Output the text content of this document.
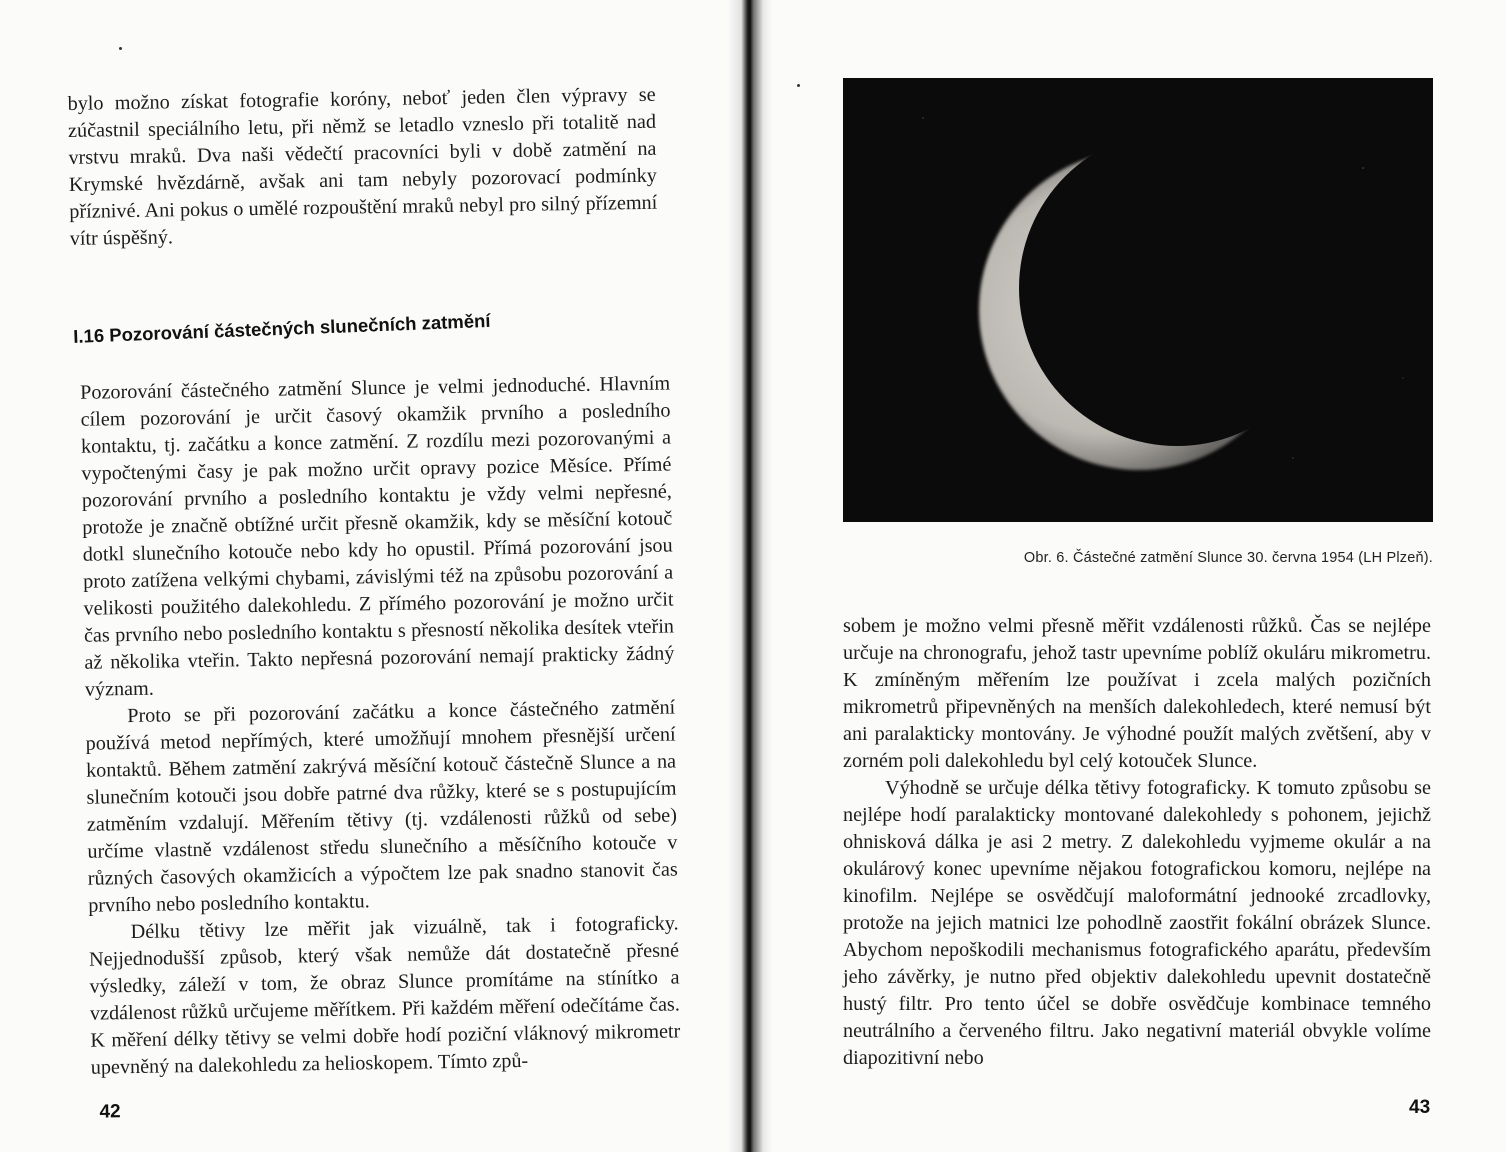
bylo možno získat fotografie koróny, neboť jeden člen výpravy se zúčastnil speciálního letu, při němž se letadlo vzneslo při totalitě nad vrstvu mraků. Dva naši vědečtí pracovníci byli v době zatmění na Krymské hvězdárně, avšak ani tam nebyly pozorovací podmínky příznivé. Ani pokus o umělé rozpouštění mraků nebyl pro silný přízemní vítr úspěšný.

I.16 Pozorování částečných slunečních zatmění

Pozorování částečného zatmění Slunce je velmi jednoduché. Hlavním cílem pozorování je určit časový okamžik prvního a posledního kontaktu, tj. začátku a konce zatmění. Z rozdílu mezi pozorovanými a vypočtenými časy je pak možno určit opravy pozice Měsíce. Přímé pozorování prvního a posledního kontaktu je vždy velmi nepřesné, protože je značně obtížné určit přesně okamžik, kdy se měsíční kotouč dotkl slunečního kotouče nebo kdy ho opustil. Přímá pozorování jsou proto zatížena velkými chybami, závislými též na způsobu pozorování a velikosti použitého dalekohledu. Z přímého pozorování je možno určit čas prvního nebo posledního kontaktu s přesností několika desítek vteřin až několika vteřin. Takto nepřesná pozorování nemají prakticky žádný význam.

Proto se při pozorování začátku a konce částečného zatmění používá metod nepřímých, které umožňují mnohem přesnější určení kontaktů. Během zatmění zakrývá měsíční kotouč částečně Slunce a na slunečním kotouči jsou dobře patrné dva růžky, které se s postupujícím zatměním vzdalují. Měřením tětivy (tj. vzdálenosti růžků od sebe) určíme vlastně vzdálenost středu slunečního a měsíčního kotouče v různých časových okamžicích a výpočtem lze pak snadno stanovit čas prvního nebo posledního kontaktu.

Délku tětivy lze měřit jak vizuálně, tak i fotograficky. Nejjednodušší způsob, který však nemůže dát dostatečně přesné výsledky, záleží v tom, že obraz Slunce promítáme na stínítko a vzdálenost růžků určujeme měřítkem. Při každém měření odečítáme čas. K měření délky tětivy se velmi dobře hodí poziční vláknový mikrometr upevněný na dalekohledu za helioskopem. Tímto způ-

42

Obr. 6. Částečné zatmění Slunce 30. června 1954 (LH Plzeň).

sobem je možno velmi přesně měřit vzdálenosti růžků. Čas se nejlépe určuje na chronografu, jehož tastr upevníme poblíž okuláru mikrometru. K zmíněným měřením lze používat i zcela malých pozičních mikrometrů připevněných na menších dalekohledech, které nemusí být ani paralakticky montovány. Je výhodné použít malých zvětšení, aby v zorném poli dalekohledu byl celý kotouček Slunce.

Výhodně se určuje délka tětivy fotograficky. K tomuto způsobu se nejlépe hodí paralakticky montované dalekohledy s pohonem, jejichž ohnisková dálka je asi 2 metry. Z dalekohledu vyjmeme okulár a na okulárový konec upevníme nějakou fotografickou komoru, nejlépe na kinofilm. Nejlépe se osvědčují maloformátní jednooké zrcadlovky, protože na jejich matnici lze pohodlně zaostřit fokální obrázek Slunce. Abychom nepoškodili mechanismus fotografického aparátu, především jeho závěrky, je nutno před objektiv dalekohledu upevnit dostatečně hustý filtr. Pro tento účel se dobře osvědčuje kombinace temného neutrálního a červeného filtru. Jako negativní materiál obvykle volíme diapozitivní nebo

43
